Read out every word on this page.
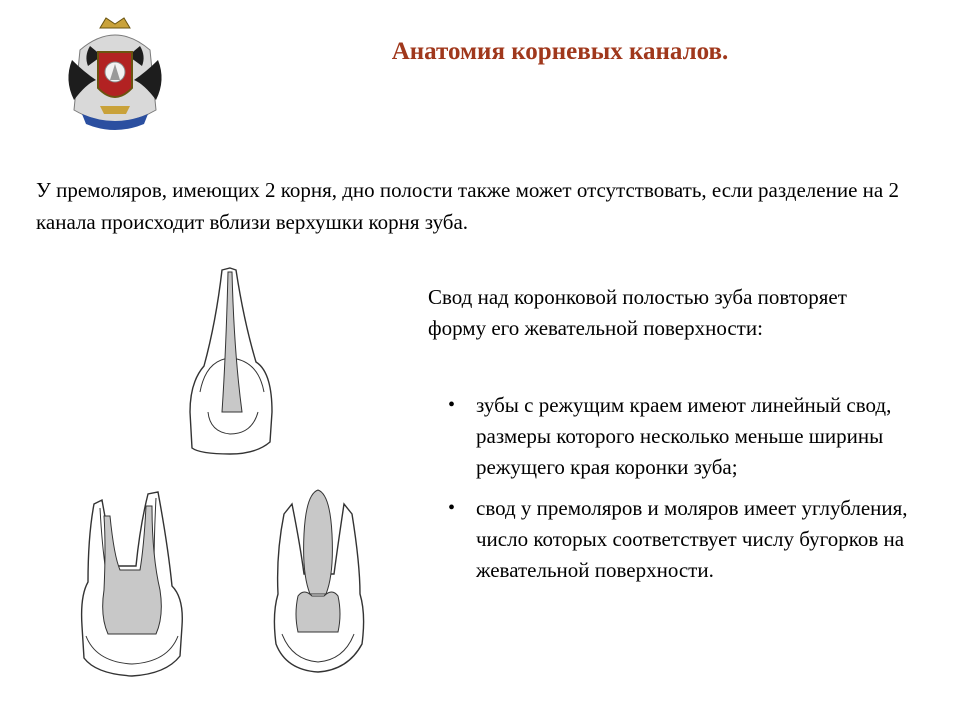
Анатомия корневых каналов.

У премоляров, имеющих 2 корня, дно полости также может отсутствовать, если разделение на 2 канала происходит вблизи верхушки корня зуба.

Свод над коронковой полостью зуба повторяет форму его жевательной поверхности:

• зубы с режущим краем имеют линейный свод, размеры которого несколько меньше ширины режущего края коронки зуба;
• свод у премоляров и моляров имеет углубления, число которых соответствует числу бугорков на жевательной поверхности.
